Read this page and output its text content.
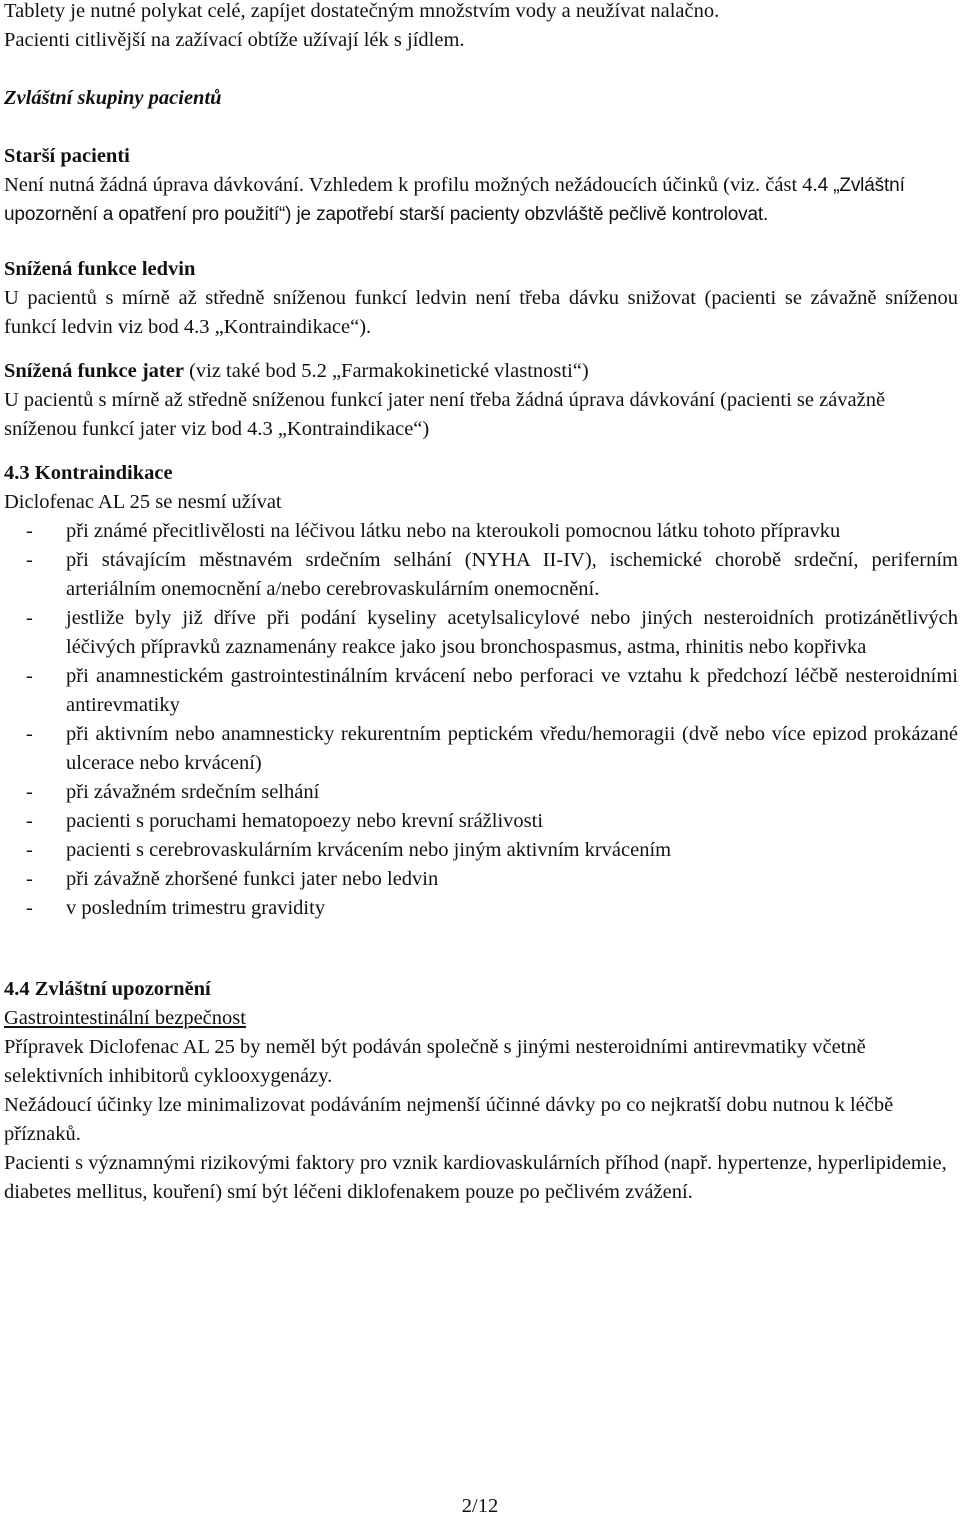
Tablety je nutné polykat celé, zapíjet dostatečným množstvím vody a neužívat nalačno.
Pacienti citlivější na zažívací obtíže užívají lék s jídlem.

Zvláštní skupiny pacientů

Starší pacienti

Není nutná žádná úprava dávkování. Vzhledem k profilu možných nežádoucích účinků (viz. část 4.4 „Zvláštní upozornění a opatření pro použití“) je zapotřebí starší pacienty obzvláště pečlivě kontrolovat.

Snížená funkce ledvin

U pacientů s mírně až středně sníženou funkcí ledvin není třeba dávku snižovat (pacienti se závažně sníženou funkcí ledvin viz bod 4.3 „Kontraindikace“).

Snížená funkce jater (viz také bod 5.2 „Farmakokinetické vlastnosti“)

U pacientů s mírně až středně sníženou funkcí jater není třeba žádná úprava dávkování (pacienti se závažně sníženou funkcí jater viz bod 4.3 „Kontraindikace“)

4.3 Kontraindikace

Diclofenac AL 25 se nesmí užívat

- při známé přecitlivělosti na léčivou látku nebo na kteroukoli pomocnou látku tohoto přípravku
- při stávajícím městnavém srdečním selhání (NYHA II-IV), ischemické chorobě srdeční, periferním arteriálním onemocnění a/nebo cerebrovaskulárním onemocnění.
- jestliže byly již dříve při podání kyseliny acetylsalicylové nebo jiných nesteroidních protizánětlivých léčivých přípravků zaznamenány reakce jako jsou bronchospasmus, astma, rhinitis nebo kopřivka
- při anamnestickém gastrointestinálním krvácení nebo perforaci ve vztahu k předchozí léčbě nesteroidními antirevmatiky
- při aktivním nebo anamnesticky rekurentním peptickém vředu/hemoragii (dvě nebo více epizod prokázané ulcerace nebo krvácení)
- při závažném srdečním selhání
- pacienti s poruchami hematopoezy nebo krevní srážlivosti
- pacienti s cerebrovaskulárním krvácením nebo jiným aktivním krvácením
- při závažně zhoršené funkci jater nebo ledvin
- v posledním trimestru gravidity

4.4 Zvláštní upozornění

Gastrointestinální bezpečnost

Přípravek Diclofenac AL 25 by neměl být podáván společně s jinými nesteroidními antirevmatiky včetně selektivních inhibitorů cyklooxygenázy.

Nežádoucí účinky lze minimalizovat podáváním nejmenší účinné dávky po co nejkratší dobu nutnou k léčbě příznaků.

Pacienti s významnými rizikovými faktory pro vznik kardiovaskulárních příhod (např. hypertenze, hyperlipidemie, diabetes mellitus, kouření) smí být léčeni diklofenakem pouze po pečlivém zvážení.

2/12
